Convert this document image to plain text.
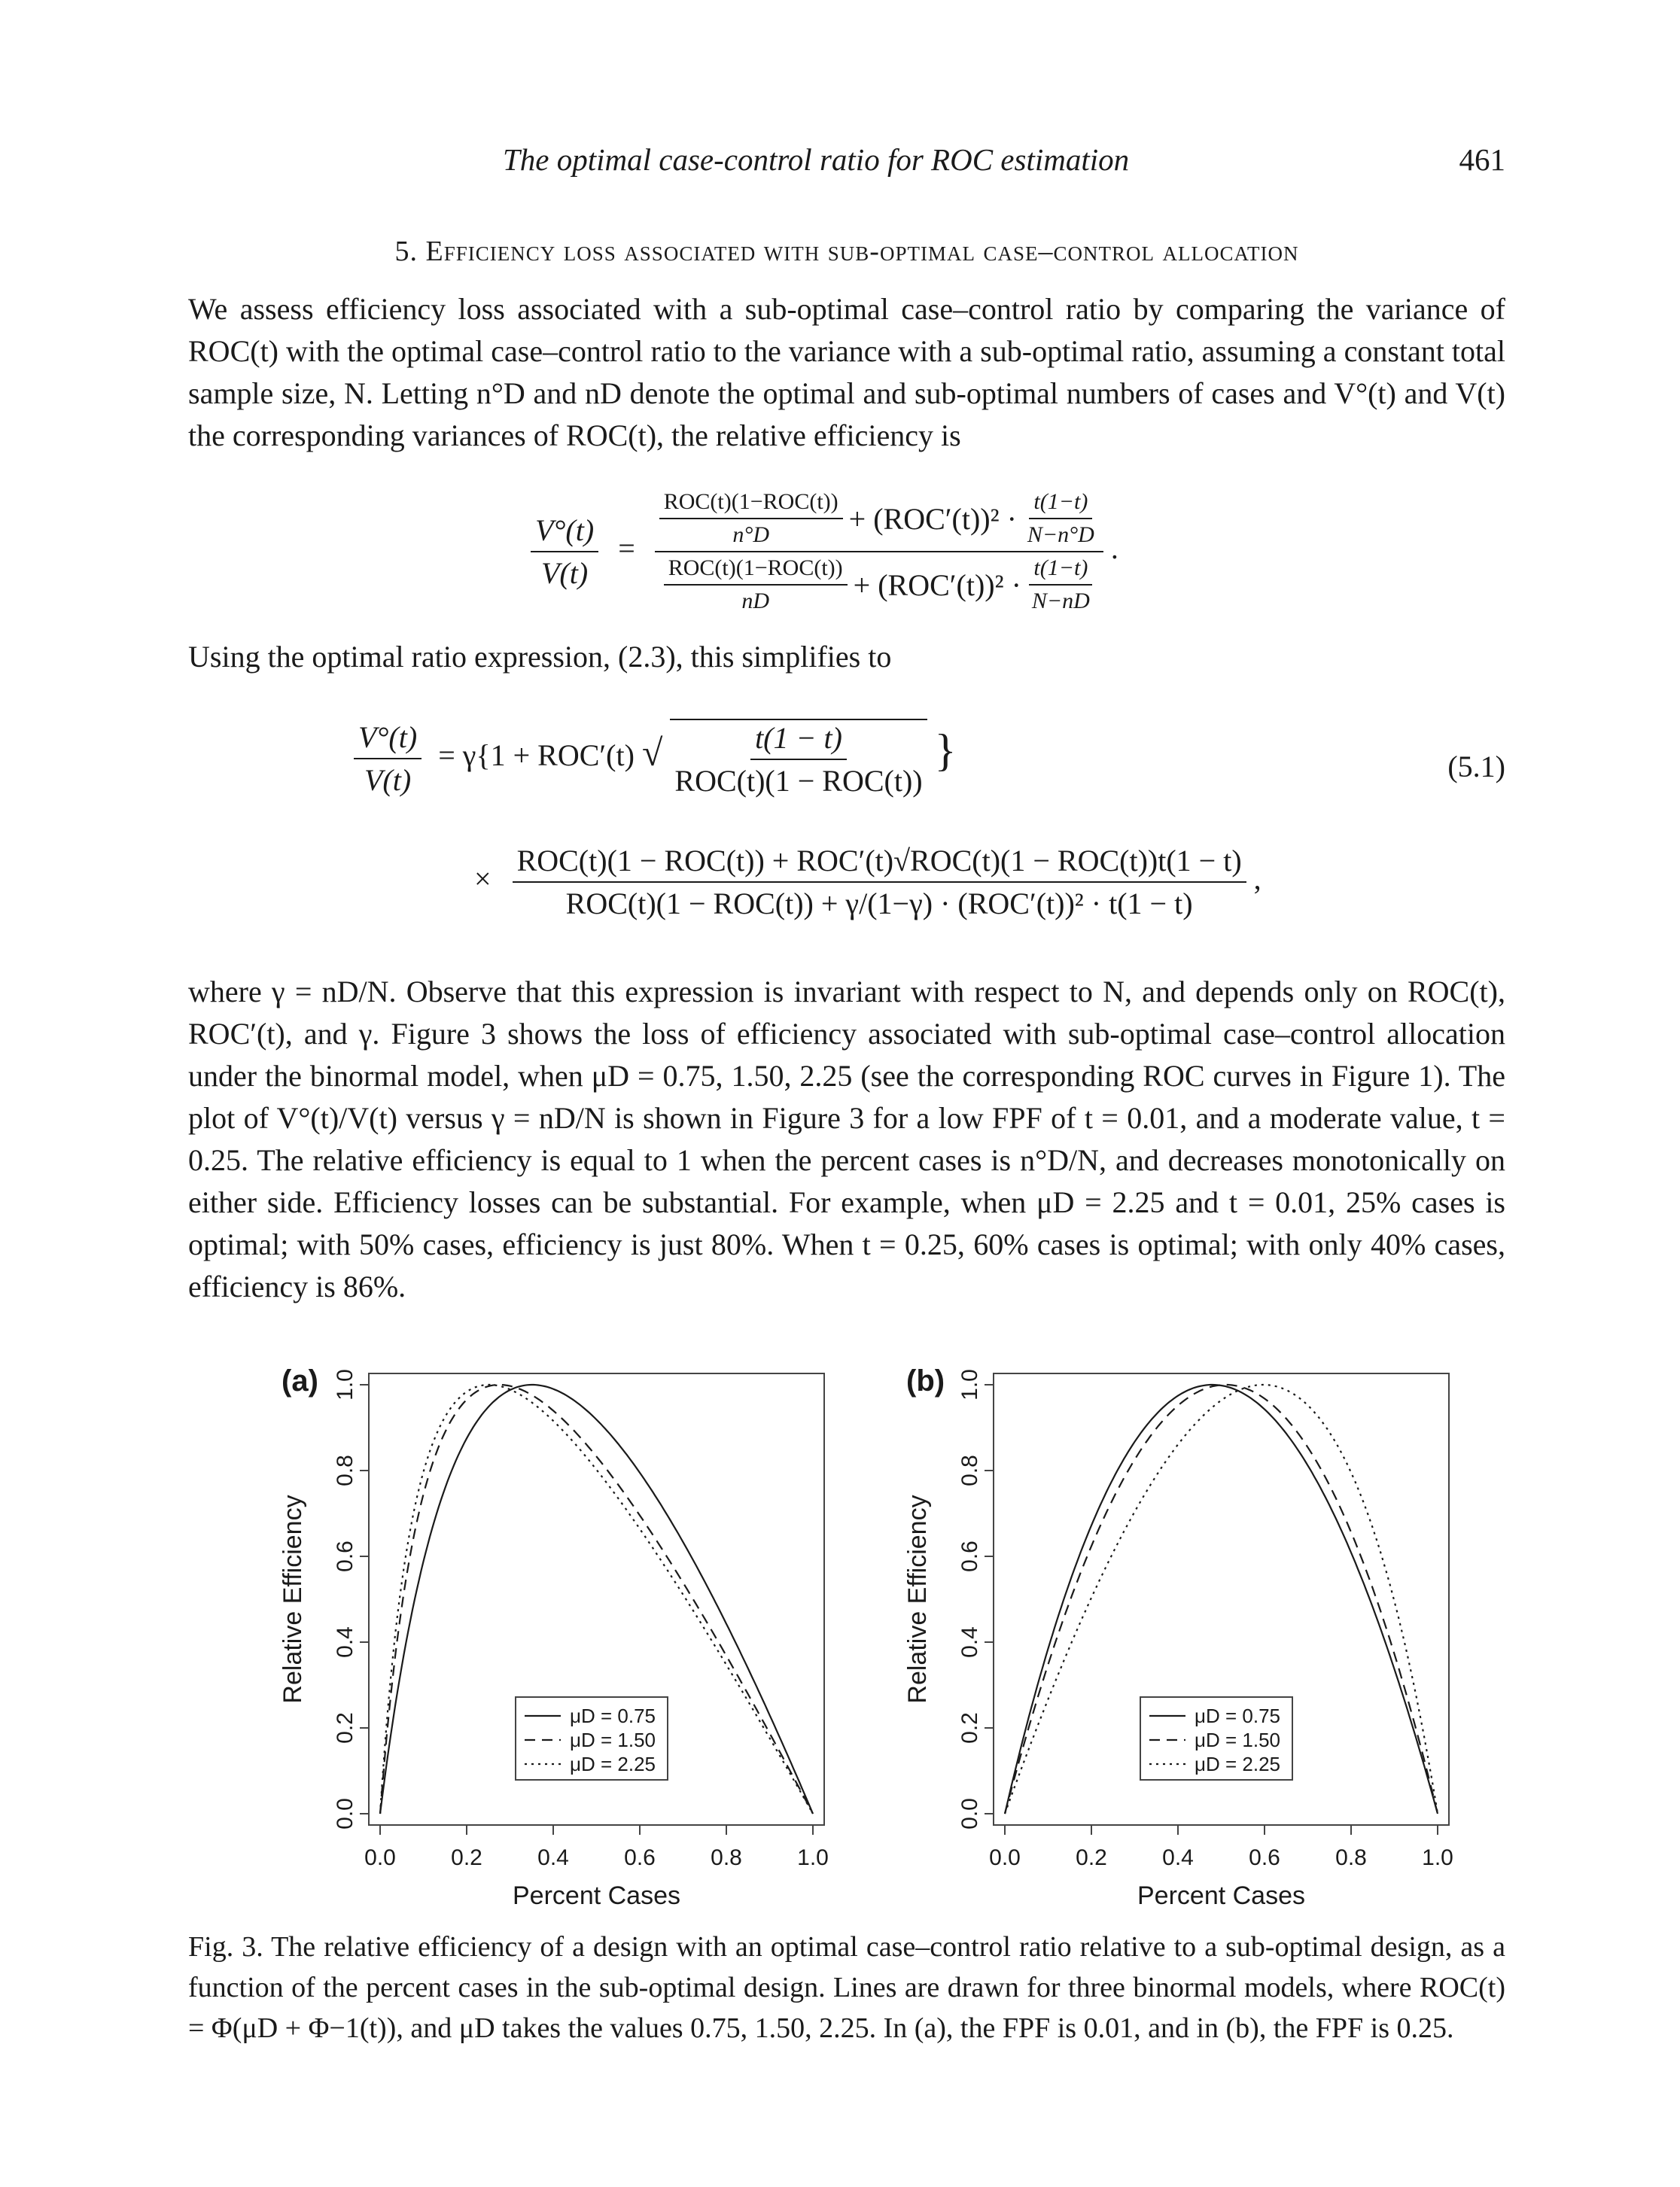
The optimal case-control ratio for ROC estimation	461
5. Efficiency loss associated with sub-optimal case–control allocation
We assess efficiency loss associated with a sub-optimal case–control ratio by comparing the variance of ROC(t) with the optimal case–control ratio to the variance with a sub-optimal ratio, assuming a constant total sample size, N. Letting n°D and nD denote the optimal and sub-optimal numbers of cases and V°(t) and V(t) the corresponding variances of ROC(t), the relative efficiency is
$\frac{V^\circ(t)}{V(t)} = \frac{\frac{\text{ROC(t)(1−ROC(t))}}{n^\circ D} + (ROC'(t))^2 \cdot \frac{t(1-t)}{N-n^\circ D}}{\frac{\text{ROC(t)(1−ROC(t))}}{nD} + (ROC'(t))^2 \cdot \frac{t(1-t)}{N-nD}}$ .
Using the optimal ratio expression, (2.3), this simplifies to
$\frac{V^\circ(t)}{V(t)} = \gamma\{1 + ROC'(t)$ √ $\frac{t(1 - t)}{\text{ROC(t)(1 − ROC(t))}}$ }	(5.1)
× $\frac{\text{ROC(t)(1 − ROC(t)) + ROC′(t)√ROC(t)(1 − ROC(t))t(1 − t)}}{\text{ROC(t)(1 − ROC(t)) + γ/(1−γ) · (ROC′(t))² · t(1 − t)}}$ ,
where γ = nD/N. Observe that this expression is invariant with respect to N, and depends only on ROC(t), ROC′(t), and γ. Figure 3 shows the loss of efficiency associated with sub-optimal case–control allocation under the binormal model, when μD = 0.75, 1.50, 2.25 (see the corresponding ROC curves in Figure 1). The plot of V°(t)/V(t) versus γ = nD/N is shown in Figure 3 for a low FPF of t = 0.01, and a moderate value, t = 0.25. The relative efficiency is equal to 1 when the percent cases is n°D/N, and decreases monotonically on either side. Efficiency losses can be substantial. For example, when μD = 2.25 and t = 0.01, 25% cases is optimal; with 50% cases, efficiency is just 80%. When t = 0.25, 60% cases is optimal; with only 40% cases, efficiency is 86%.
(a)
0.0
0.2
0.4
0.6
0.8
1.0
0.0 0.2 0.4 0.6 0.8 1.0
Percent Cases
Relative Efficiency
μD = 0.75
μD = 1.50
μD = 2.25
(b)
0.0
0.2
0.4
0.6
0.8
1.0
0.0 0.2 0.4 0.6 0.8 1.0
Percent Cases
Relative Efficiency
μD = 0.75
μD = 1.50
μD = 2.25
Fig. 3. The relative efficiency of a design with an optimal case–control ratio relative to a sub-optimal design, as a function of the percent cases in the sub-optimal design. Lines are drawn for three binormal models, where ROC(t) = Φ(μD + Φ−1(t)), and μD takes the values 0.75, 1.50, 2.25. In (a), the FPF is 0.01, and in (b), the FPF is 0.25.
